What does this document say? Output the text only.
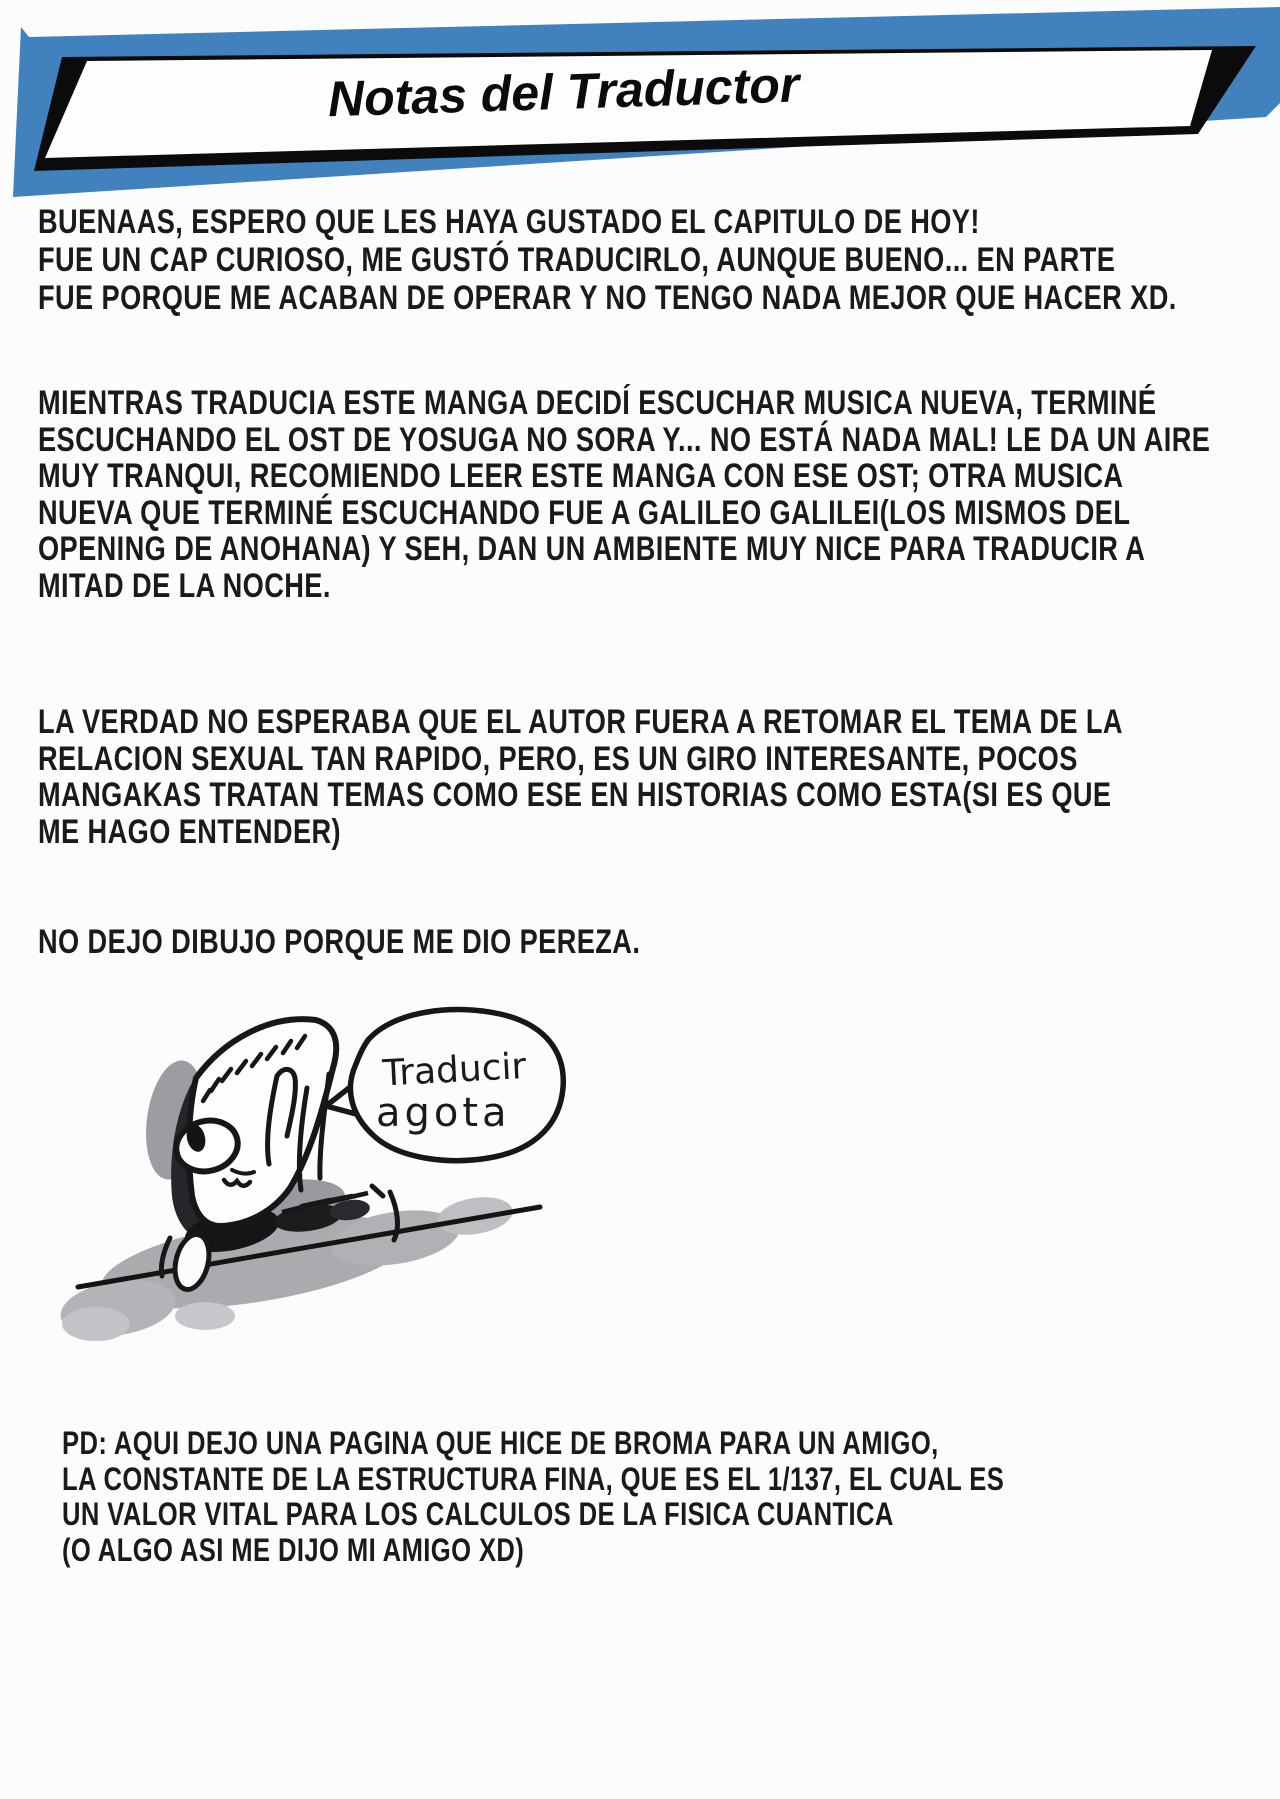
Notas del Traductor
BUENAAS, ESPERO QUE LES HAYA GUSTADO EL CAPITULO DE HOY!
FUE UN CAP CURIOSO, ME GUSTÓ TRADUCIRLO, AUNQUE BUENO... EN PARTE
FUE PORQUE ME ACABAN DE OPERAR Y NO TENGO NADA MEJOR QUE HACER XD.
MIENTRAS TRADUCIA ESTE MANGA DECIDÍ ESCUCHAR MUSICA NUEVA, TERMINÉ
ESCUCHANDO EL OST DE YOSUGA NO SORA Y... NO ESTÁ NADA MAL! LE DA UN AIRE
MUY TRANQUI, RECOMIENDO LEER ESTE MANGA CON ESE OST; OTRA MUSICA
NUEVA QUE TERMINÉ ESCUCHANDO FUE A GALILEO GALILEI(LOS MISMOS DEL
OPENING DE ANOHANA) Y SEH, DAN UN AMBIENTE MUY NICE PARA TRADUCIR A
MITAD DE LA NOCHE.
LA VERDAD NO ESPERABA QUE EL AUTOR FUERA A RETOMAR EL TEMA DE LA
RELACION SEXUAL TAN RAPIDO, PERO, ES UN GIRO INTERESANTE, POCOS
MANGAKAS TRATAN TEMAS COMO ESE EN HISTORIAS COMO ESTA(SI ES QUE
ME HAGO ENTENDER)
NO DEJO DIBUJO PORQUE ME DIO PEREZA.
Traducir
agota
PD: AQUI DEJO UNA PAGINA QUE HICE DE BROMA PARA UN AMIGO,
LA CONSTANTE DE LA ESTRUCTURA FINA, QUE ES EL 1/137, EL CUAL ES
UN VALOR VITAL PARA LOS CALCULOS DE LA FISICA CUANTICA
(O ALGO ASI ME DIJO MI AMIGO XD)
